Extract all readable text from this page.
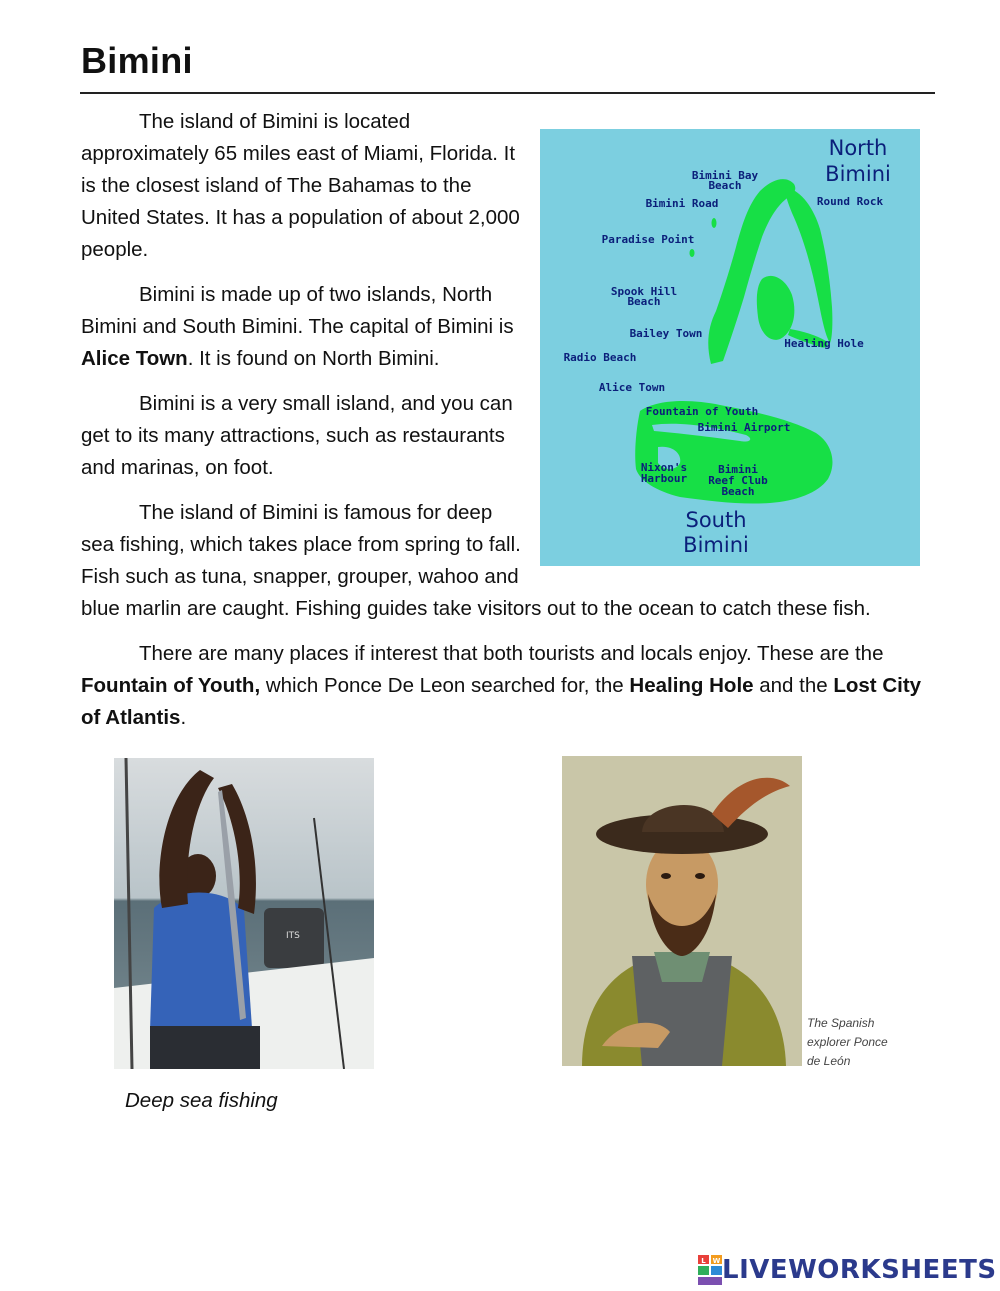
Bimini
Bimini Bay Beach
Bimini Road	Round Rock
Paradise Point
Spook Hill Beach
Bailey Town
Healing Hole
Radio Beach
Alice Town
Fountain of Youth
Bimini Airport
Nixon's Harbour
Bimini Reef Club Beach
North Bimini
South Bimini

The island of Bimini is located approximately 65 miles east of Miami, Florida. It is the closest island of The Bahamas to the United States. It has a population of about 2,000 people.

Bimini is made up of two islands, North Bimini and South Bimini. The capital of Bimini is Alice Town. It is found on North Bimini.

Bimini is a very small island, and you can get to its many attractions, such as restaurants and marinas, on foot.

The island of Bimini is famous for deep sea fishing, which takes place from spring to fall. Fish such as tuna, snapper, grouper, wahoo and blue marlin are caught. Fishing guides take visitors out to the ocean to catch these fish.

There are many places if interest that both tourists and locals enjoy. These are the Fountain of Youth, which Ponce De Leon searched for, the Healing Hole and the Lost City of Atlantis.

ITS
Deep sea fishing
The Spanish
explorer Ponce
de León
L W LIVEWORKSHEETS
